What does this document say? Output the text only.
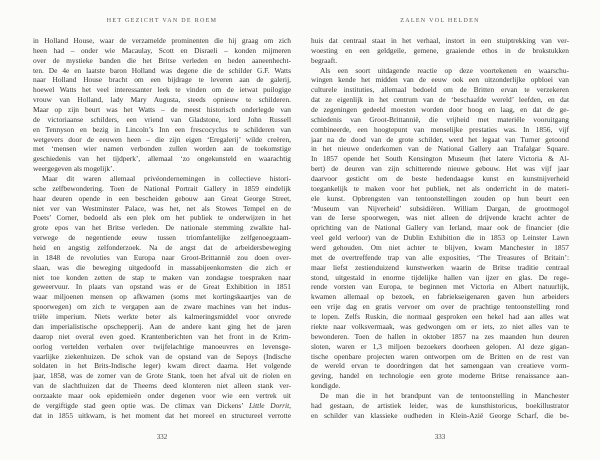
HET GEZICHT VAN DE ROEM
in Holland House, waar de verzamelde prominenten die hij graag om zich
heen had – onder wie Macaulay, Scott en Disraeli – konden mijmeren
over de mystieke banden die het Britse verleden en heden aaneenhecht-
ten. De 4e en laatste baron Holland was degene die de schilder G.F. Watts
naar Holland House bracht om een bijdrage te leveren aan de galerij,
hoewel Watts het veel interessanter leek te vinden om de ietwat puilogige
vrouw van Holland, lady Mary Augusta, steeds opnieuw te schilderen.
Maar op zijn beurt was het Watts – de meest historisch onderlegde van
de victoriaanse schilders, een vriend van Gladstone, lord John Russell
en Tennyson en bezig in Lincoln’s Inn een frescocyclus te schilderen van
wetgevers door de eeuwen heen – die zijn eigen ‘Eregalerij’ wilde creëren,
met ‘mensen wier namen verbonden zullen worden aan de toekomstige
geschiedenis van het tijdperk’, allemaal ‘zo ongekunsteld en waarachtig
weergegeven als mogelijk’.
Maar dit waren allemaal privéondernemingen in collectieve histori-
sche zelfbewondering. Toen de National Portrait Gallery in 1859 eindelijk
haar deuren opende in een bescheiden gebouw aan Great George Street,
niet ver van Westminster Palace, was het, net als Stowes Tempel en de
Poets’ Corner, bedoeld als een plek om het publiek te onderwijzen in het
grote epos van het Britse verleden. De nationale stemming zwalkte hal-
verwege de negentiende eeuw tussen triomfantelijke zelfgenoegzaam-
heid en angstig zelfonderzoek. Na de angst dat de arbeidersbeweging
in 1848 de revoluties van Europa naar Groot-Brittannië zou doen over-
slaan, was die beweging uitgedoofd in massabijeenkomsten die zich er
niet toe konden zetten de stap te maken van zondagse toespraken naar
geweervuur. In plaats van opstand was er de Great Exhibition in 1851
waar miljoenen mensen op afkwamen (soms met kortingskaartjes van de
spoorwegen) om zich te vergapen aan de zware machines van het indus-
triële imperium. Niets werkte beter als kalmeringsmiddel voor onvrede
dan imperialistische opschepperij. Aan de andere kant ging het de jaren
daarop niet overal even goed. Krantenberichten van het front in de Krim-
oorlog vertelden verhalen over twijfelachtige manoeuvres en levensge-
vaarlijke ziekenhuizen. De schok van de opstand van de Sepoys (Indische
soldaten in het Brits-Indische leger) kwam direct daarna. Het volgende
jaar, 1858, was de zomer van de Grote Stank, toen het afval uit de riolen en
van de slachthuizen dat de Theems deed klonteren niet alleen stank ver-
oorzaakte maar ook epidemieën onder degenen voor wie een vertrek uit
de vergiftigde stad geen optie was. De climax van Dickens’ Little Dorrit,
dat in 1855 uitkwam, is het moment dat het moreel en structureel verrotte
332
ZALEN VOL HELDEN
huis dat centraal staat in het verhaal, instort in een stuiptrekking van ver-
woesting en een geldgeile, gemene, graaiende ethos in de brokstukken
begraaft.
Als een soort uitdagende reactie op deze voortekenen en waarschu-
wingen kende het midden van de eeuw ook een uitzonderlijke opbloei van
culturele instituties, allemaal bedoeld om de Britten ervan te verzekeren
dat ze eigenlijk in het centrum van de ‘beschaafde wereld’ leefden, en dat
de zegeningen gedeeld moesten worden door hoog en laag, en dat de ge-
schiedenis van Groot-Brittannië, die vrijheid met materiële vooruitgang
combineerde, een hoogtepunt van menselijke prestaties was. In 1856, vijf
jaar na de dood van de grote schilder, werd het legaat van Turner getoond
in het nieuwe onderkomen van de National Gallery aan Trafalgar Square.
In 1857 opende het South Kensington Museum (het latere Victoria & Al-
bert) de deuren van zijn schitterende nieuwe gebouw. Het was vijf jaar
daarvoor gesticht om de beste hedendaagse kunst en kunstnijverheid
toegankelijk te maken voor het publiek, net als onderricht in de materi-
ele kunst. Opbrengsten van tentoonstellingen zouden op hun beurt een
‘Museum van Nijverheid’ subsidiëren. William Dargan, de grootmogol
van de Ierse spoorwegen, was niet alleen de drijvende kracht achter de
oprichting van de National Gallery van Ierland, maar ook de financier (die
veel geld verloor) van de Dublin Exhibition die in 1853 op Leinster Lawn
werd gehouden. Om niet achter te blijven, kwam Manchester in 1857
met de overtreffende trap van alle exposities, ‘The Treasures of Britain’:
maar liefst zestienduizend kunstwerken waarin de Britse traditie centraal
stond, uitgestald in enorme tijdelijke hallen van ijzer en glas. De rege-
rende vorsten van Europa, te beginnen met Victoria en Albert natuurlijk,
kwamen allemaal op bezoek, en fabriekseigenaren gaven hun arbeiders
een vrije dag en gratis vervoer om over de prachtige tentoonstelling rond
te lopen. Zelfs Ruskin, die normaal gesproken een hekel had aan alles wat
riekte naar volksvermaak, was gedwongen om er iets, zo niet alles van te
bewonderen. Toen de hallen in oktober 1857 na zes maanden hun deuren
sloten, waren er 1,3 miljoen bezoekers doorheen gelopen. Al deze gigan-
tische openbare projecten waren ontworpen om de Britten en de rest van
de wereld ervan te doordringen dat het samengaan van creatieve vorm-
geving, handel en technologie een grote moderne Britse renaissance aan-
kondigde.
De man die in het brandpunt van de tentoonstelling in Manchester
had gestaan, de artistiek leider, was de kunsthistoricus, boekillustrator
en schilder van klassieke oudheden in Klein-Azië George Scharf, die be-
333
